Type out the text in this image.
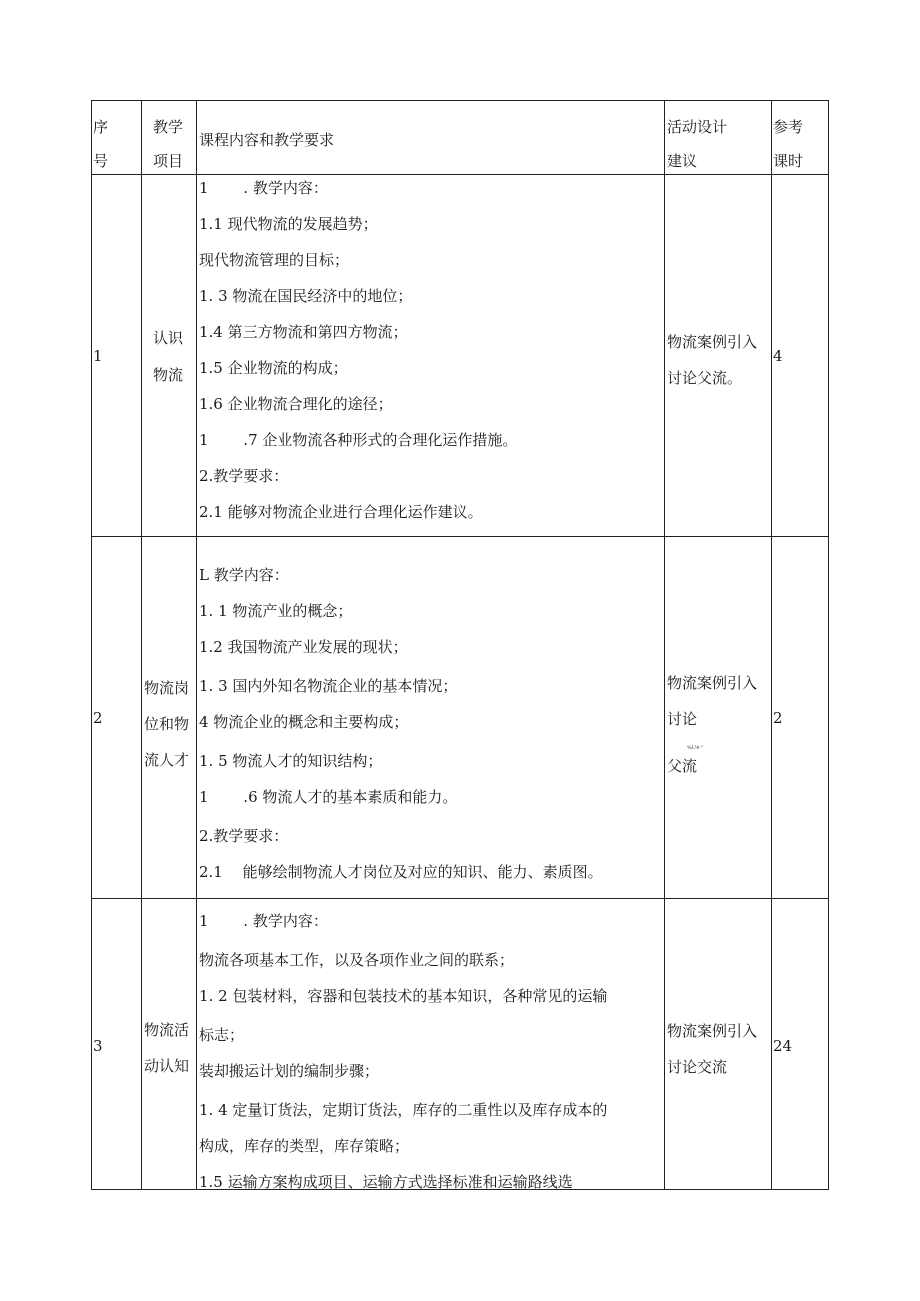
序
号
教学
项目
课程内容和教学要求
活动设计
建议
参考
课时
1
认识
物流
1　　 . 教学内容：
1.1 现代物流的发展趋势；
现代物流管理的目标；
1. 3 物流在国民经济中的地位；
1.4 第三方物流和第四方物流；
1.5 企业物流的构成；
1.6 企业物流合理化的途径；
1　　 .7 企业物流各种形式的合理化运作措施。
2.教学要求：
2.1 能够对物流企业进行合理化运作建议。
物流案例引入
讨论父流。
4
2
物流岗
位和物
流人才
L 教学内容：
1. 1 物流产业的概念；
1.2 我国物流产业发展的现状；
1. 3 国内外知名物流企业的基本情况；
4 物流企业的概念和主要构成；
1. 5 物流人才的知识结构；
1　　 .6 物流人才的基本素质和能力。
2.教学要求：
2.1　 能够绘制物流人才岗位及对应的知识、能力、素质图。
物流案例引入
讨论
%U4-"
父流
2
3
物流活
动认知
1　　 . 教学内容：
物流各项基本工作，以及各项作业之间的联系；
1. 2 包装材料，容器和包装技术的基本知识，各种常见的运输
标志；
装却搬运计划的编制步骤；
1. 4 定量订货法，定期订货法，库存的二重性以及库存成本的
构成，库存的类型，库存策略；
1.5 运输方案构成项目、运输方式选择标准和运输路线选
物流案例引入
讨论交流
24
